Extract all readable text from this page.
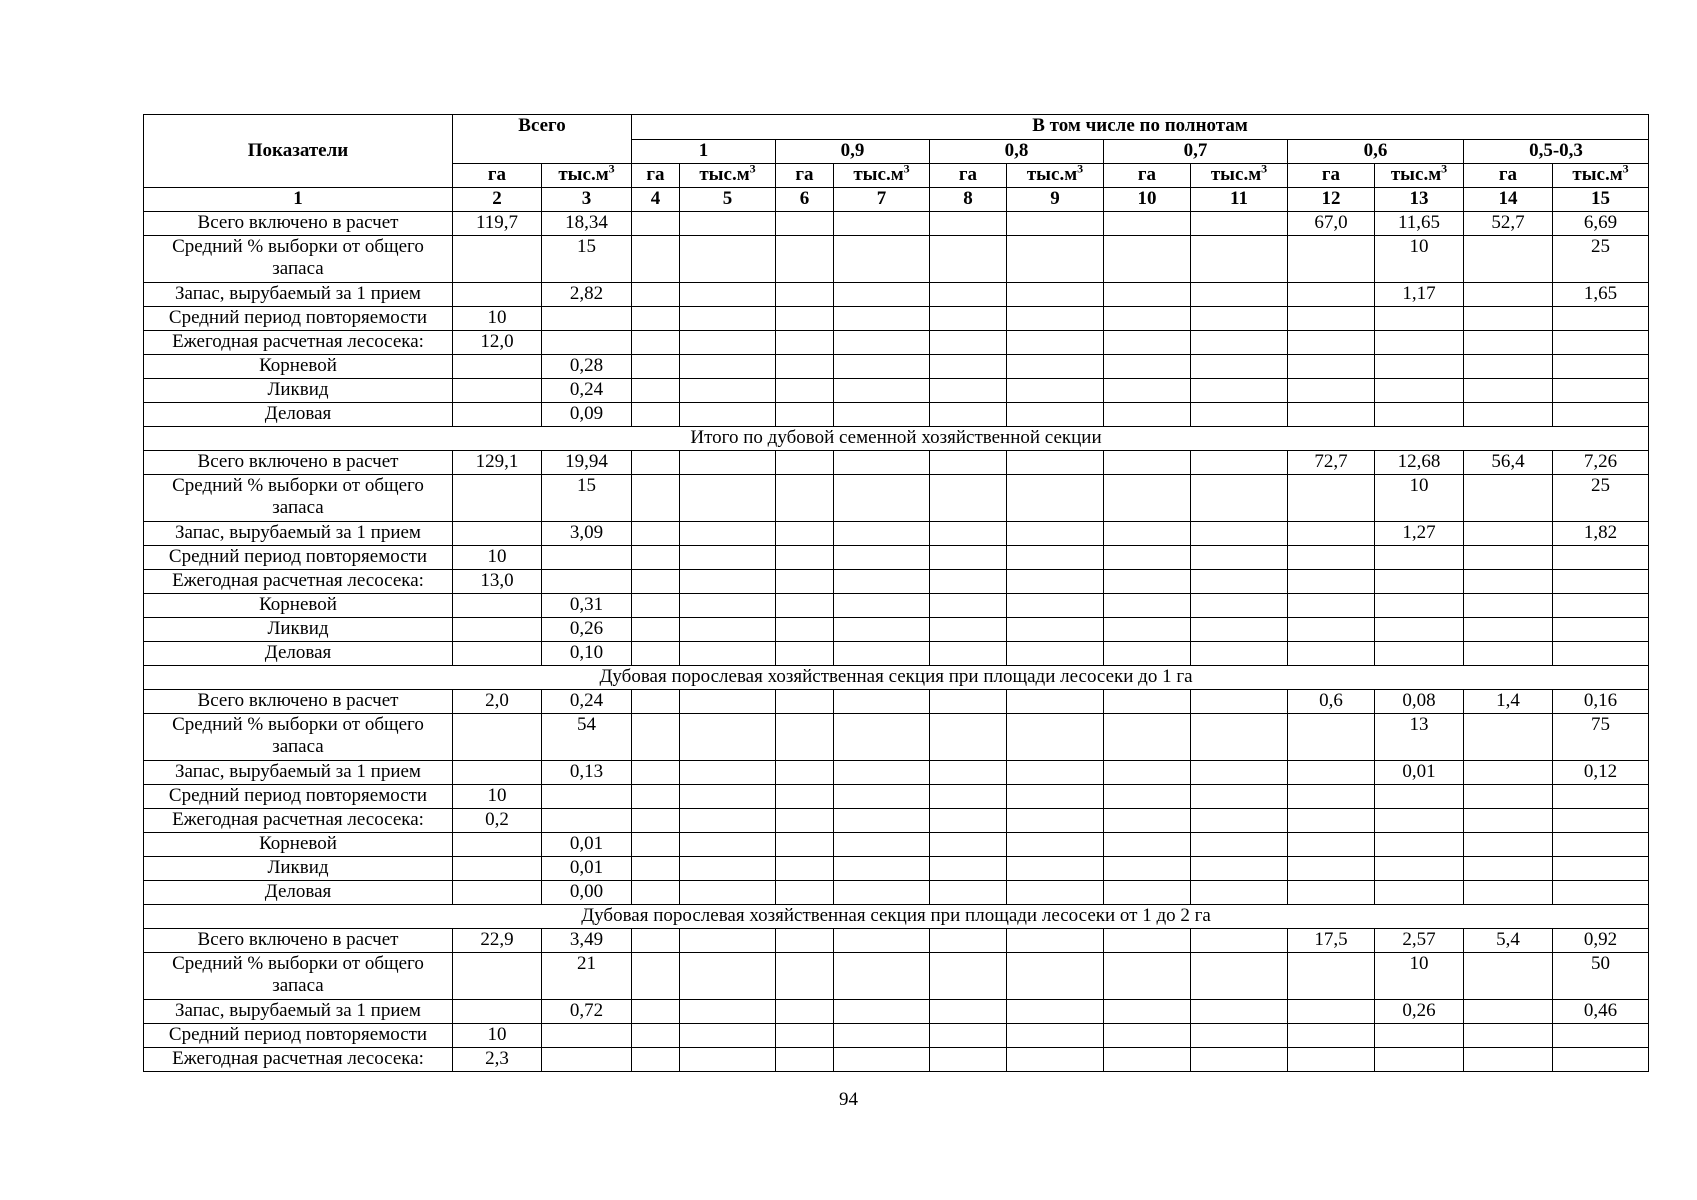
Показатели	Всего		В том числе по полнотам											
			1		0,9		0,8		0,7		0,6		0,5-0,3	
	га	$тыс.м^3$	га	$тыс.м^3$	га	$тыс.м^3$	га	$тыс.м^3$	га	$тыс.м^3$	га	$тыс.м^3$	га	$тыс.м^3$
1	2	3	4	5	6	7	8	9	10	11	12	13	14	15
Всего включено в расчет	119,7	18,34									67,0	11,65	52,7	6,69
Средний % выборки от общего запаса		15										10		25
Запас, вырубаемый за 1 прием		2,82										1,17		1,65
Средний период повторяемости	10													
Ежегодная расчетная лесосека:	12,0													
Корневой		0,28												
Ликвид		0,24												
Деловая		0,09												
Итого по дубовой семенной хозяйственной секции														
Всего включено в расчет	129,1	19,94									72,7	12,68	56,4	7,26
Средний % выборки от общего запаса		15										10		25
Запас, вырубаемый за 1 прием		3,09										1,27		1,82
Средний период повторяемости	10													
Ежегодная расчетная лесосека:	13,0													
Корневой		0,31												
Ликвид		0,26												
Деловая		0,10												
Дубовая порослевая хозяйственная секция при площади лесосеки до 1 га														
Всего включено в расчет	2,0	0,24									0,6	0,08	1,4	0,16
Средний % выборки от общего запаса		54										13		75
Запас, вырубаемый за 1 прием		0,13										0,01		0,12
Средний период повторяемости	10													
Ежегодная расчетная лесосека:	0,2													
Корневой		0,01												
Ликвид		0,01												
Деловая		0,00												
Дубовая порослевая хозяйственная секция при площади лесосеки от 1 до 2 га														
Всего включено в расчет	22,9	3,49									17,5	2,57	5,4	0,92
Средний % выборки от общего запаса		21										10		50
Запас, вырубаемый за 1 прием		0,72										0,26		0,46
Средний период повторяемости	10													
Ежегодная расчетная лесосека:	2,3													
94
